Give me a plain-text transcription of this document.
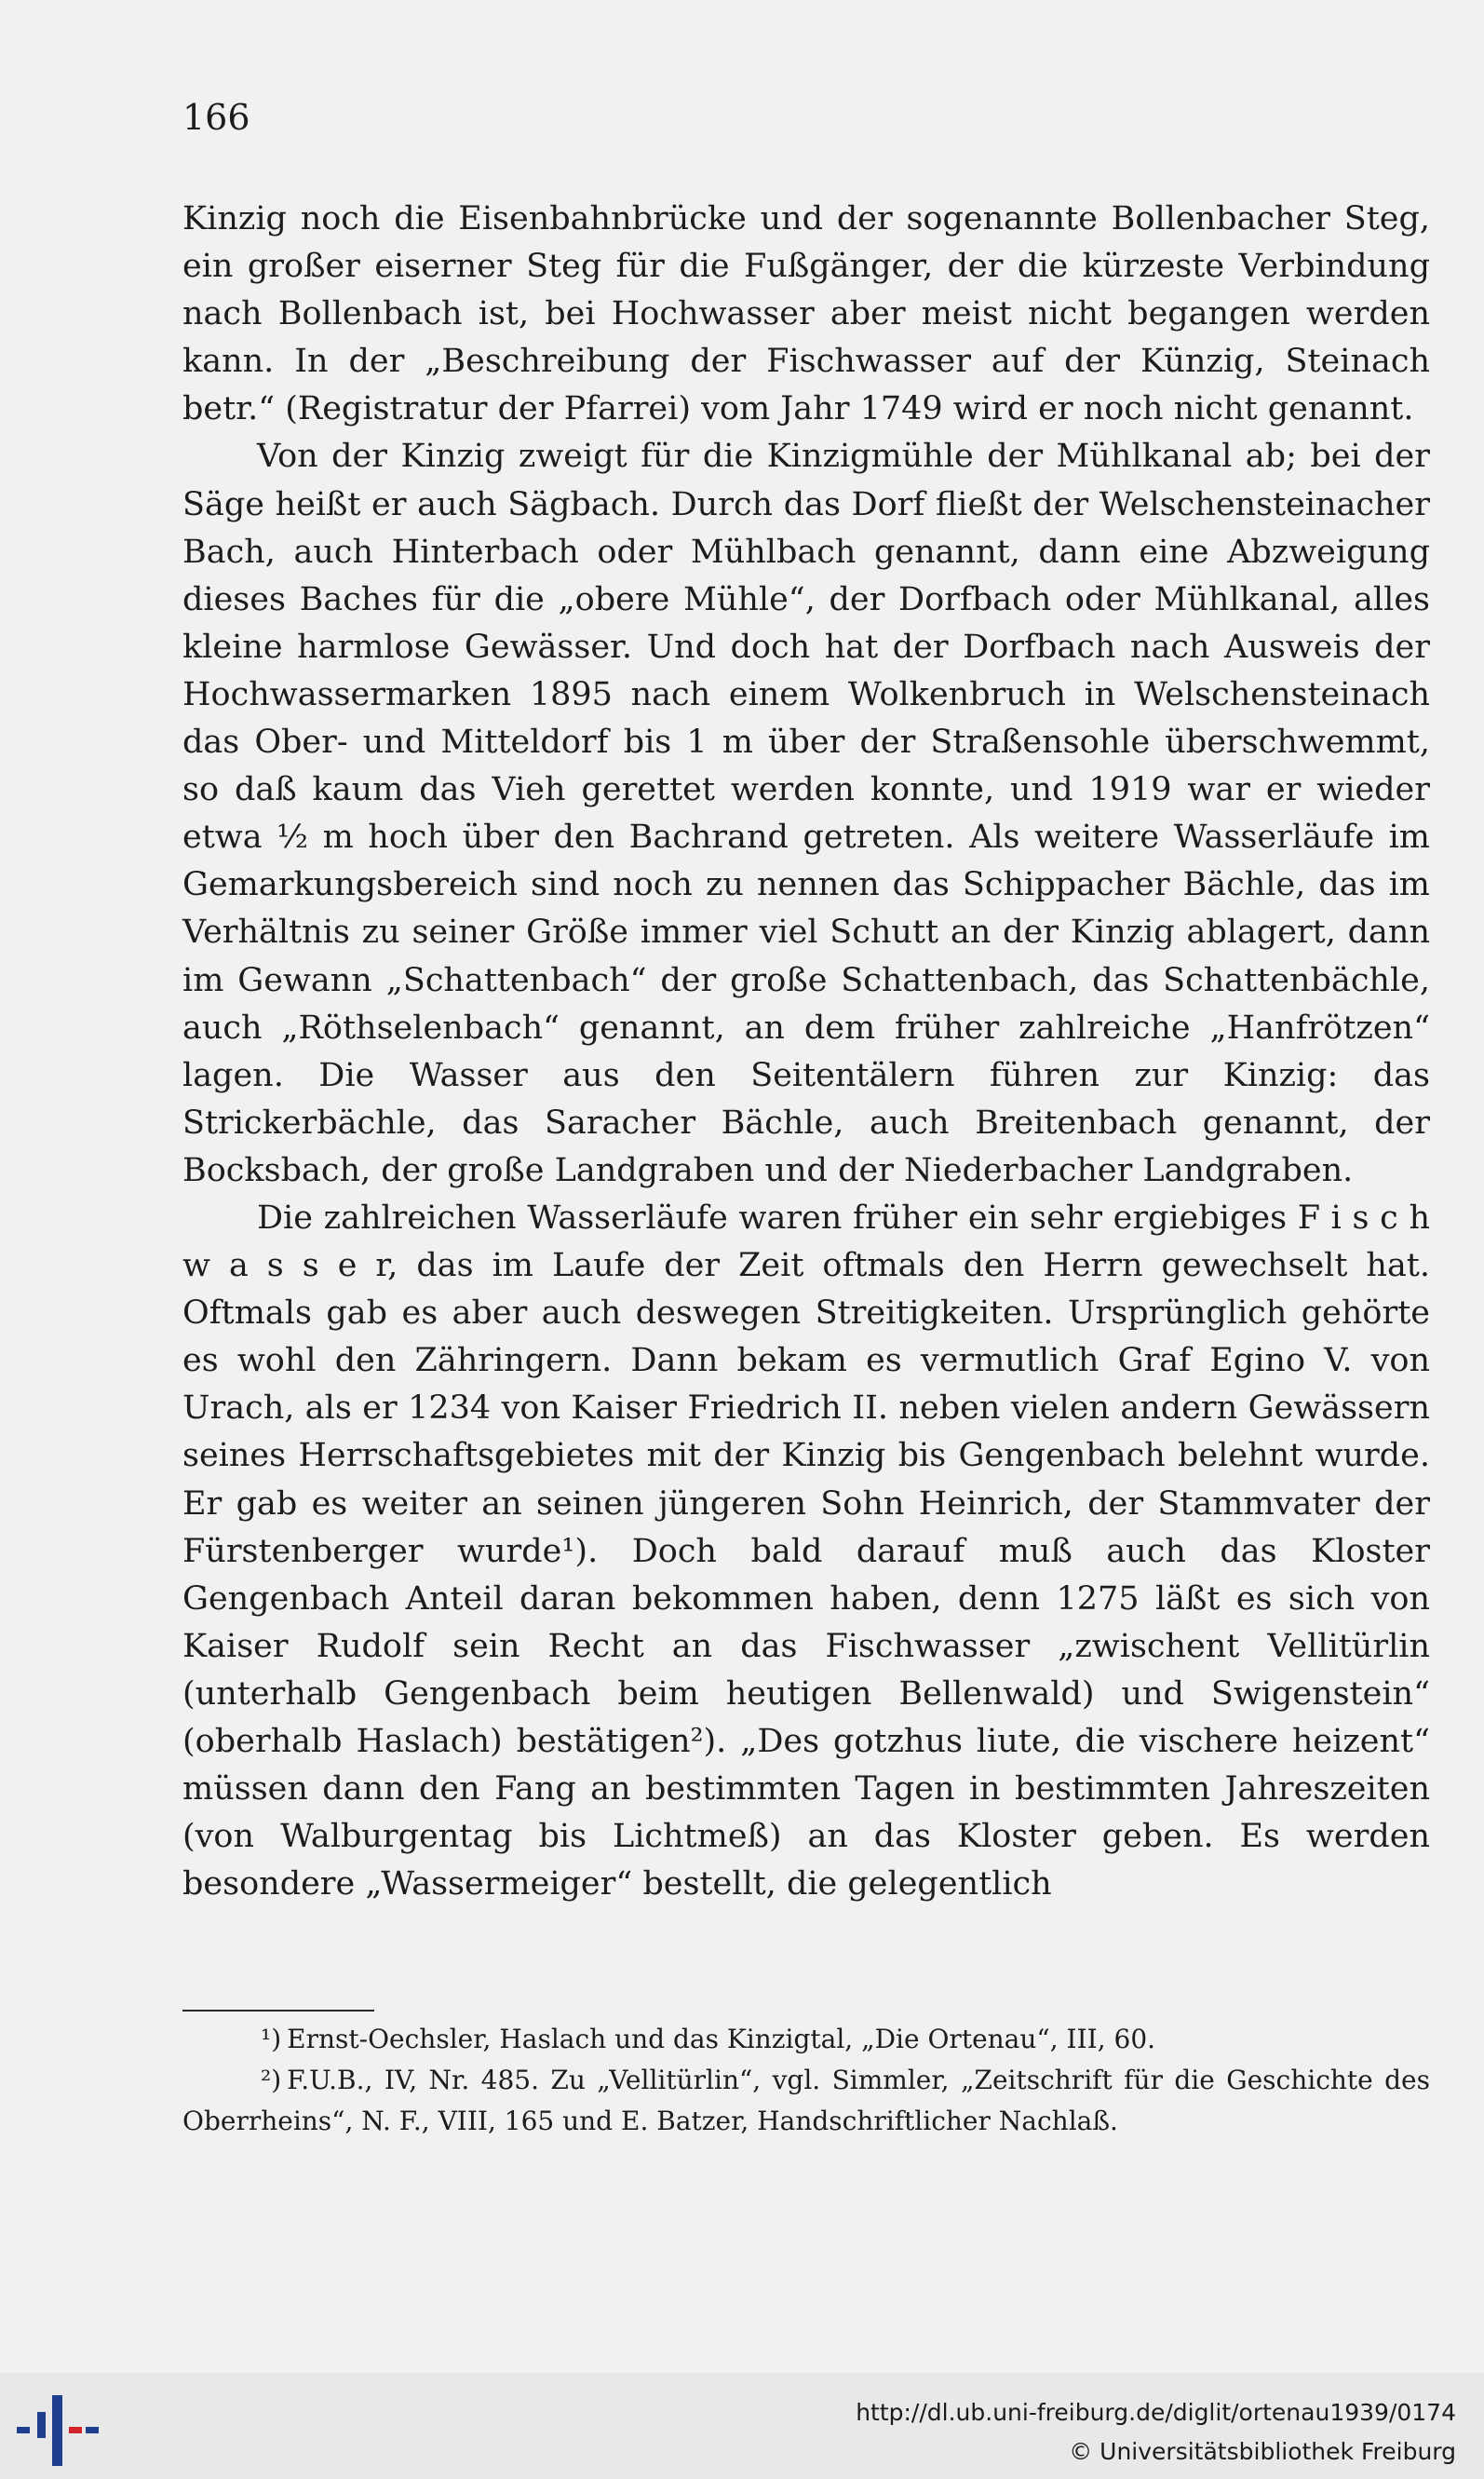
166

Kinzig noch die Eisenbahnbrücke und der sogenannte Bollenbacher Steg, ein großer eiserner Steg für die Fußgänger, der die kürzeste Verbindung nach Bollenbach ist, bei Hochwasser aber meist nicht begangen werden kann. In der „Beschreibung der Fischwasser auf der Künzig, Steinach betr.“ (Registratur der Pfarrei) vom Jahr 1749 wird er noch nicht genannt.

Von der Kinzig zweigt für die Kinzigmühle der Mühlkanal ab; bei der Säge heißt er auch Sägbach. Durch das Dorf fließt der Welschensteinacher Bach, auch Hinterbach oder Mühlbach genannt, dann eine Abzweigung dieses Baches für die „obere Mühle“, der Dorfbach oder Mühlkanal, alles kleine harmlose Gewässer. Und doch hat der Dorfbach nach Ausweis der Hochwassermarken 1895 nach einem Wolkenbruch in Welschensteinach das Ober- und Mitteldorf bis 1 m über der Straßensohle überschwemmt, so daß kaum das Vieh gerettet werden konnte, und 1919 war er wieder etwa ½ m hoch über den Bachrand getreten. Als weitere Wasserläufe im Gemarkungsbereich sind noch zu nennen das Schippacher Bächle, das im Verhältnis zu seiner Größe immer viel Schutt an der Kinzig ablagert, dann im Gewann „Schattenbach“ der große Schattenbach, das Schattenbächle, auch „Röthselenbach“ genannt, an dem früher zahlreiche „Hanfrötzen“ lagen. Die Wasser aus den Seitentälern führen zur Kinzig: das Strickerbächle, das Saracher Bächle, auch Breitenbach genannt, der Bocksbach, der große Landgraben und der Niederbacher Landgraben.

Die zahlreichen Wasserläufe waren früher ein sehr ergiebiges F i s c h w a s s e r, das im Laufe der Zeit oftmals den Herrn gewechselt hat. Oftmals gab es aber auch deswegen Streitigkeiten. Ursprünglich gehörte es wohl den Zähringern. Dann bekam es vermutlich Graf Egino V. von Urach, als er 1234 von Kaiser Friedrich II. neben vielen andern Gewässern seines Herrschaftsgebietes mit der Kinzig bis Gengenbach belehnt wurde. Er gab es weiter an seinen jüngeren Sohn Heinrich, der Stammvater der Fürstenberger wurde¹). Doch bald darauf muß auch das Kloster Gengenbach Anteil daran bekommen haben, denn 1275 läßt es sich von Kaiser Rudolf sein Recht an das Fischwasser „zwischent Vellitürlin (unterhalb Gengenbach beim heutigen Bellenwald) und Swigenstein“ (oberhalb Haslach) bestätigen²). „Des gotzhus liute, die vischere heizent“ müssen dann den Fang an bestimmten Tagen in bestimmten Jahreszeiten (von Walburgentag bis Lichtmeß) an das Kloster geben. Es werden besondere „Wassermeiger“ bestellt, die gelegentlich

¹) Ernst-Oechsler, Haslach und das Kinzigtal, „Die Ortenau“, III, 60.

²) F.U.B., IV, Nr. 485. Zu „Vellitürlin“, vgl. Simmler, „Zeitschrift für die Geschichte des Oberrheins“, N. F., VIII, 165 und E. Batzer, Handschriftlicher Nachlaß.

http://dl.ub.uni-freiburg.de/diglit/ortenau1939/0174
© Universitätsbibliothek Freiburg
